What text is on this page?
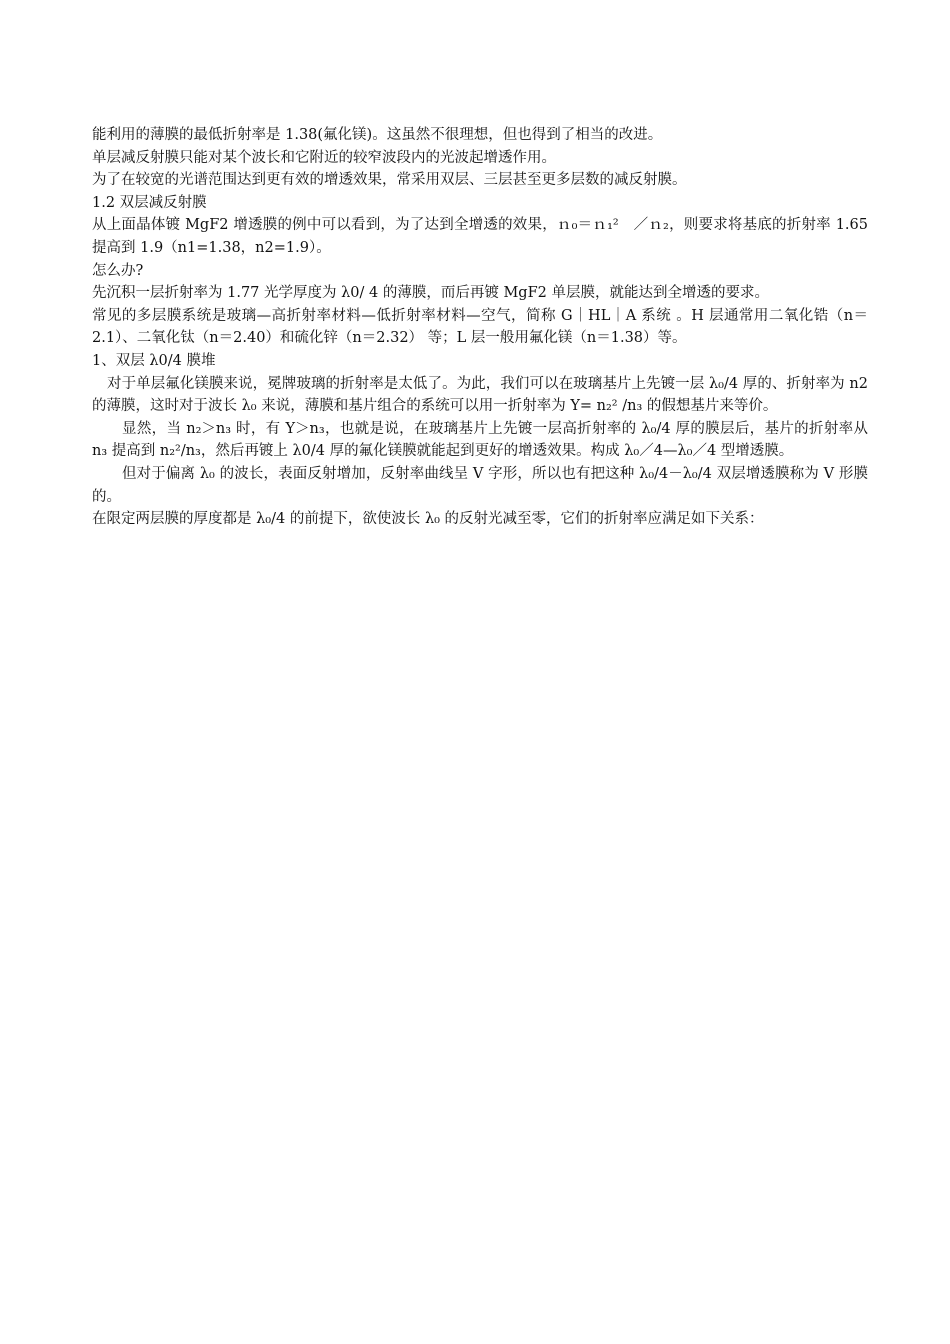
能利用的薄膜的最低折射率是 1.38(氟化镁)。这虽然不很理想，但也得到了相当的改进。

单层减反射膜只能对某个波长和它附近的较窄波段内的光波起增透作用。

为了在较宽的光谱范围达到更有效的增透效果，常采用双层、三层甚至更多层数的减反射膜。

1.2 双层减反射膜

从上面晶体镀 MgF2 增透膜的例中可以看到，为了达到全增透的效果，ｎ₀＝ｎ₁²　／ｎ₂，则要求将基底的折射率 1.65 提高到 1.9（n1=1.38，n2=1.9）。

怎么办?

先沉积一层折射率为 1.77 光学厚度为 λ0/ 4 的薄膜，而后再镀 MgF2 单层膜，就能达到全增透的要求。

常见的多层膜系统是玻璃—高折射率材料—低折射率材料—空气，简称 G｜HL｜A 系统 。H 层通常用二氧化锆（n＝2.1）、二氧化钛（n＝2.40）和硫化锌（n＝2.32） 等；L 层一般用氟化镁（n＝1.38）等。

1、双层 λ0/4 膜堆

对于单层氟化镁膜来说，冕牌玻璃的折射率是太低了。为此，我们可以在玻璃基片上先镀一层 λ₀/4 厚的、折射率为 n2 的薄膜，这时对于波长 λ₀ 来说，薄膜和基片组合的系统可以用一折射率为 Y= n₂² /n₃ 的假想基片来等价。

显然，当 n₂＞n₃ 时，有 Y＞n₃，也就是说，在玻璃基片上先镀一层高折射率的 λ₀/4 厚的膜层后，基片的折射率从 n₃ 提高到 n₂²/n₃，然后再镀上 λ0/4 厚的氟化镁膜就能起到更好的增透效果。构成 λ₀／4—λ₀／4 型增透膜。

但对于偏离 λ₀ 的波长，表面反射增加，反射率曲线呈 V 字形，所以也有把这种 λ₀/4－λ₀/4 双层增透膜称为 V 形膜的。

在限定两层膜的厚度都是 λ₀/4 的前提下，欲使波长 λ₀ 的反射光减至零，它们的折射率应满足如下关系：
